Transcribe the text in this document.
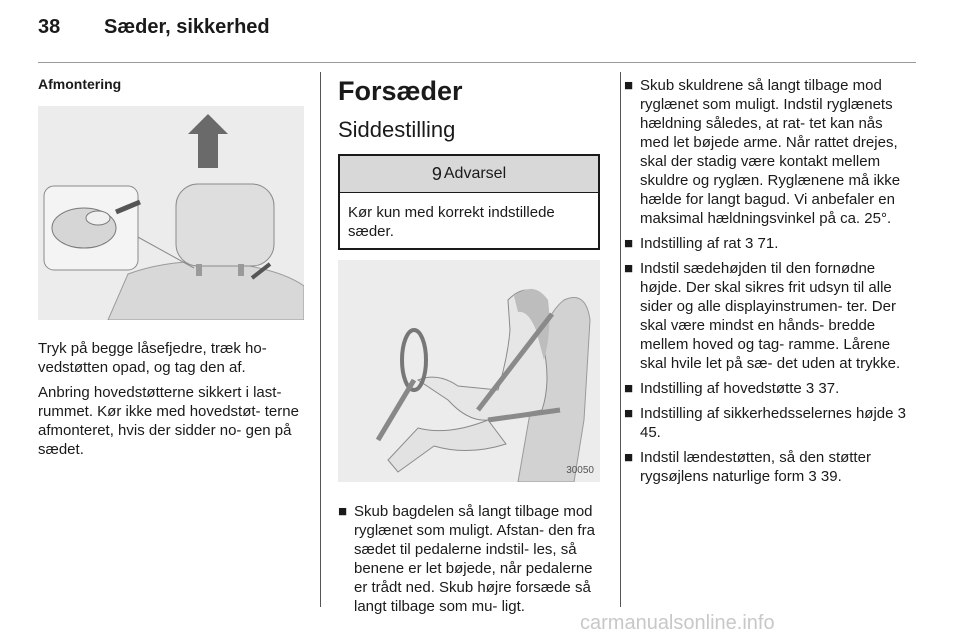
38 Sæder, sikkerhed
Afmontering

Tryk på begge låsefjedre, træk ho- vedstøtten opad, og tag den af.

Anbring hovedstøtterne sikkert i last- rummet. Kør ikke med hovedstøt- terne afmonteret, hvis der sidder no- gen på sædet.

Forsæder
Siddestilling
9 Advarsel
Kør kun med korrekt indstillede sæder.
30050
■ Skub bagdelen så langt tilbage mod ryglænet som muligt. Afstan- den fra sædet til pedalerne indstil- les, så benene er let bøjede, når pedalerne er trådt ned. Skub højre forsæde så langt tilbage som mu- ligt.
■ Skub skuldrene så langt tilbage mod ryglænet som muligt. Indstil ryglænets hældning således, at rat- tet kan nås med let bøjede arme. Når rattet drejes, skal der stadig være kontakt mellem skuldre og ryglæn. Ryglænene må ikke hælde for langt bagud. Vi anbefaler en maksimal hældningsvinkel på ca. 25°.
■ Indstilling af rat 3 71.
■ Indstil sædehøjden til den fornødne højde. Der skal sikres frit udsyn til alle sider og alle displayinstrumen- ter. Der skal være mindst en hånds- bredde mellem hoved og tag- ramme. Lårene skal hvile let på sæ- det uden at trykke.
■ Indstilling af hovedstøtte 3 37.
■ Indstilling af sikkerhedsselernes højde 3 45.
■ Indstil lændestøtten, så den støtter rygsøjlens naturlige form 3 39.
carmanualsonline.info
